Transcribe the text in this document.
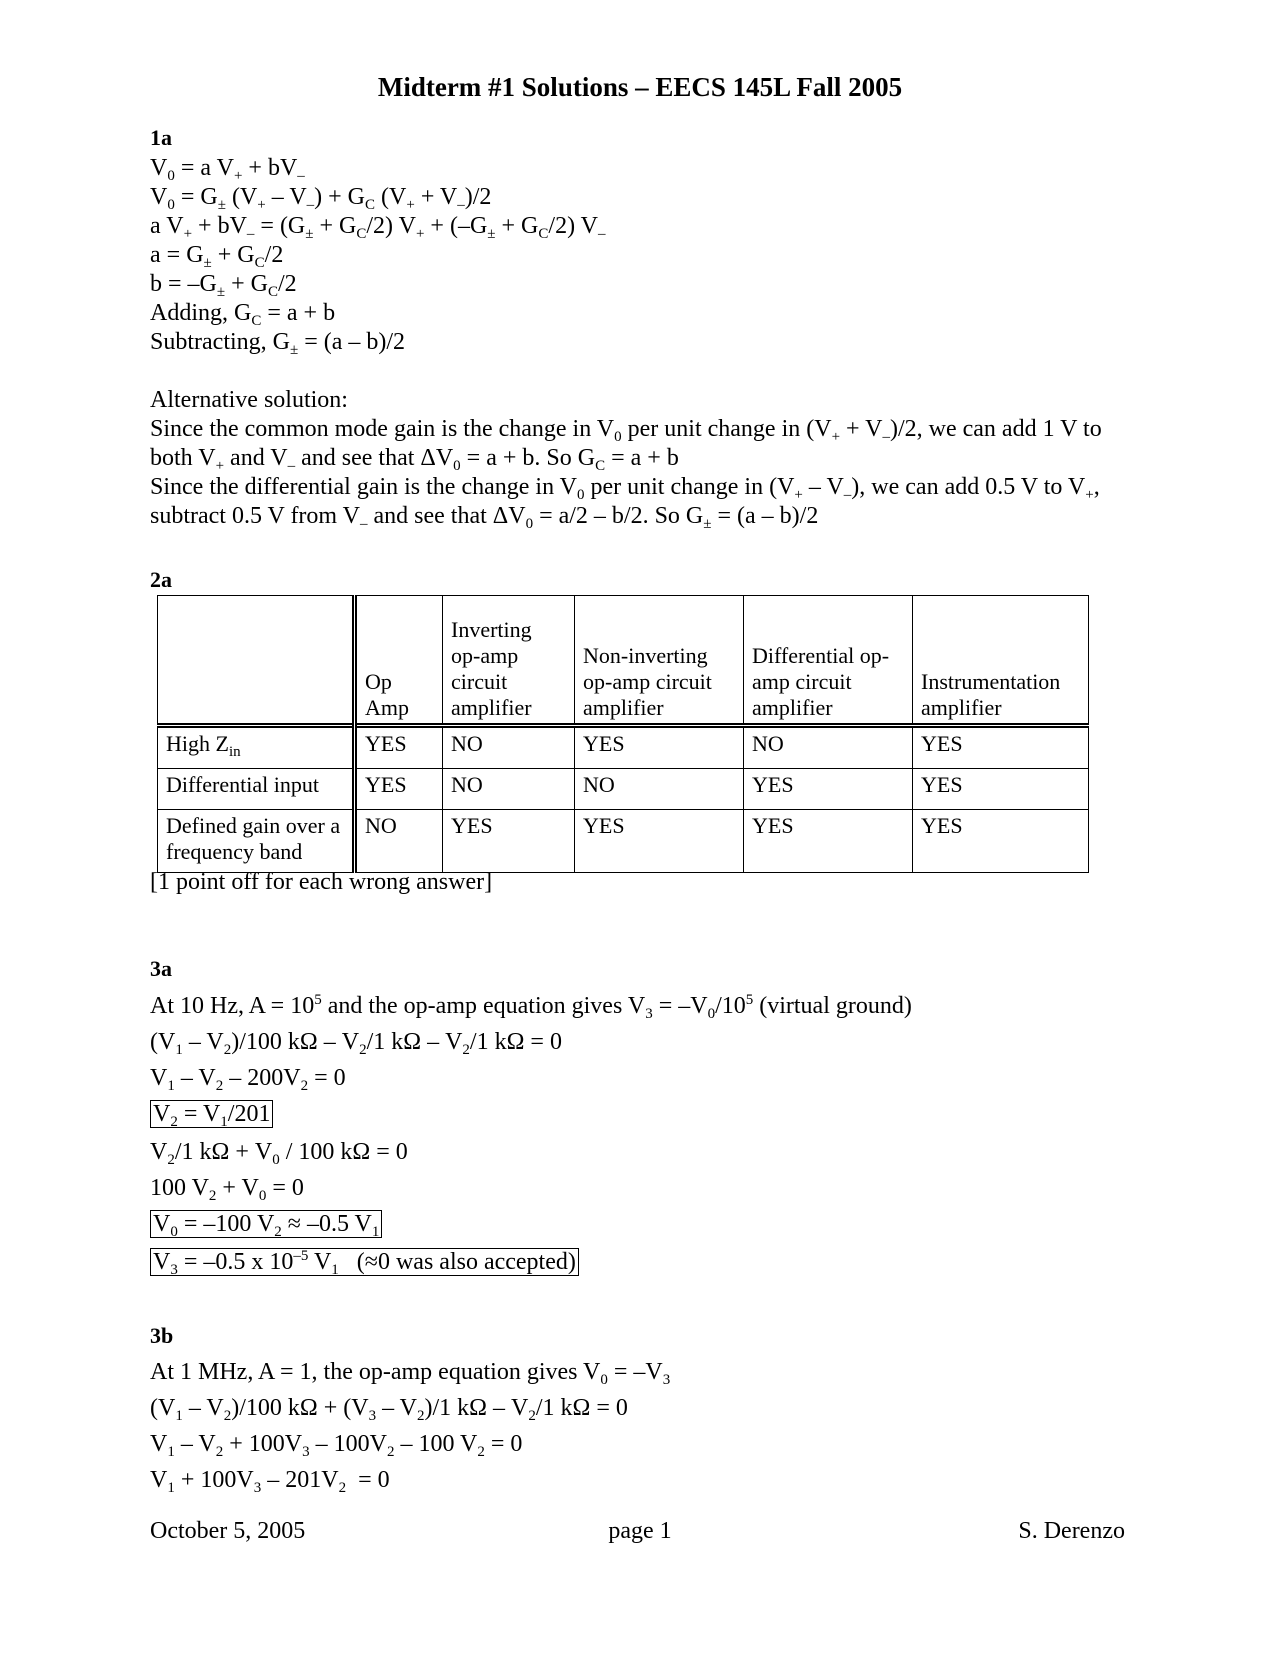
Midterm #1 Solutions – EECS 145L Fall 2005
1a
$V_0 = a$ $V_+ + bV_-$
$V_0 = G_\pm$ $(V_+ - V_-) + G_C$ $(V_+ + V_-)/2$
a $V_+ + bV_- = (G_\pm + G_C/2) V_+ + (-G_\pm + G_C/2)$ $V_-$
$a = G_\pm + G_C/2$
$b = -G_\pm + G_C/2$
Adding, $G_C = a + b$
Subtracting, $G_\pm = (a - b)/2$
Alternative solution:
Since the common mode gain is the change in $V_0$ per unit change in $(V_+ + V_-)/2$, we can add 1 V to
both $V_+$ and $V_-$ and see that $\Delta V_0 = a + b$. So $G_C = a + b$
Since the differential gain is the change in $V_0$ per unit change in $(V_+ - V_-)$, we can add 0.5 V to $V_+$,
subtract 0.5 V from $V_-$ and see that $\Delta V_0 = a/2 - b/2$. So $G_\pm = (a - b)/2$
2a
	Op Amp	Inverting op-amp circuit amplifier	Non-inverting op-amp circuit amplifier	Differential op-amp circuit amplifier	Instrumentation amplifier
High $Z_{in}$	YES	NO	YES	NO	YES
Differential input	YES	NO	NO	YES	YES
Defined gain over a frequency band	NO	YES	YES	YES	YES
[1 point off for each wrong answer]
3a
At 10 Hz, $A = 10^5$ and the op-amp equation gives $V_3 = -V_0/10^5$ (virtual ground)
$(V_1 - V_2)/100$ kΩ – $V_2/1$ kΩ – $V_2/1$ kΩ = 0
$V_1 - V_2 - 200V_2 = 0$
$V_2 = V_1/201$
$V_2/1$ $k\Omega + V_0 / 100$ kΩ = 0
100 $V_2 + V_0 = 0$
$V_0 = -100$ $V_2 \approx -0.5$ $V_1$
$V_3 = -0.5$ x $10^{-5}$ $V_1$   (≈0 was also accepted)
3b
At 1 MHz, A = 1, the op-amp equation gives $V_0 = -V_3$
$(V_1 - V_2)/100$ $k\Omega + (V_3 - V_2)/1$ kΩ – $V_2/1$ kΩ = 0
$V_1 - V_2 + 100V_3 - 100V_2 - 100$ $V_2 = 0$
$V_1 + 100V_3 - 201V_2 = 0$
October 5, 2005	page 1	S. Derenzo
